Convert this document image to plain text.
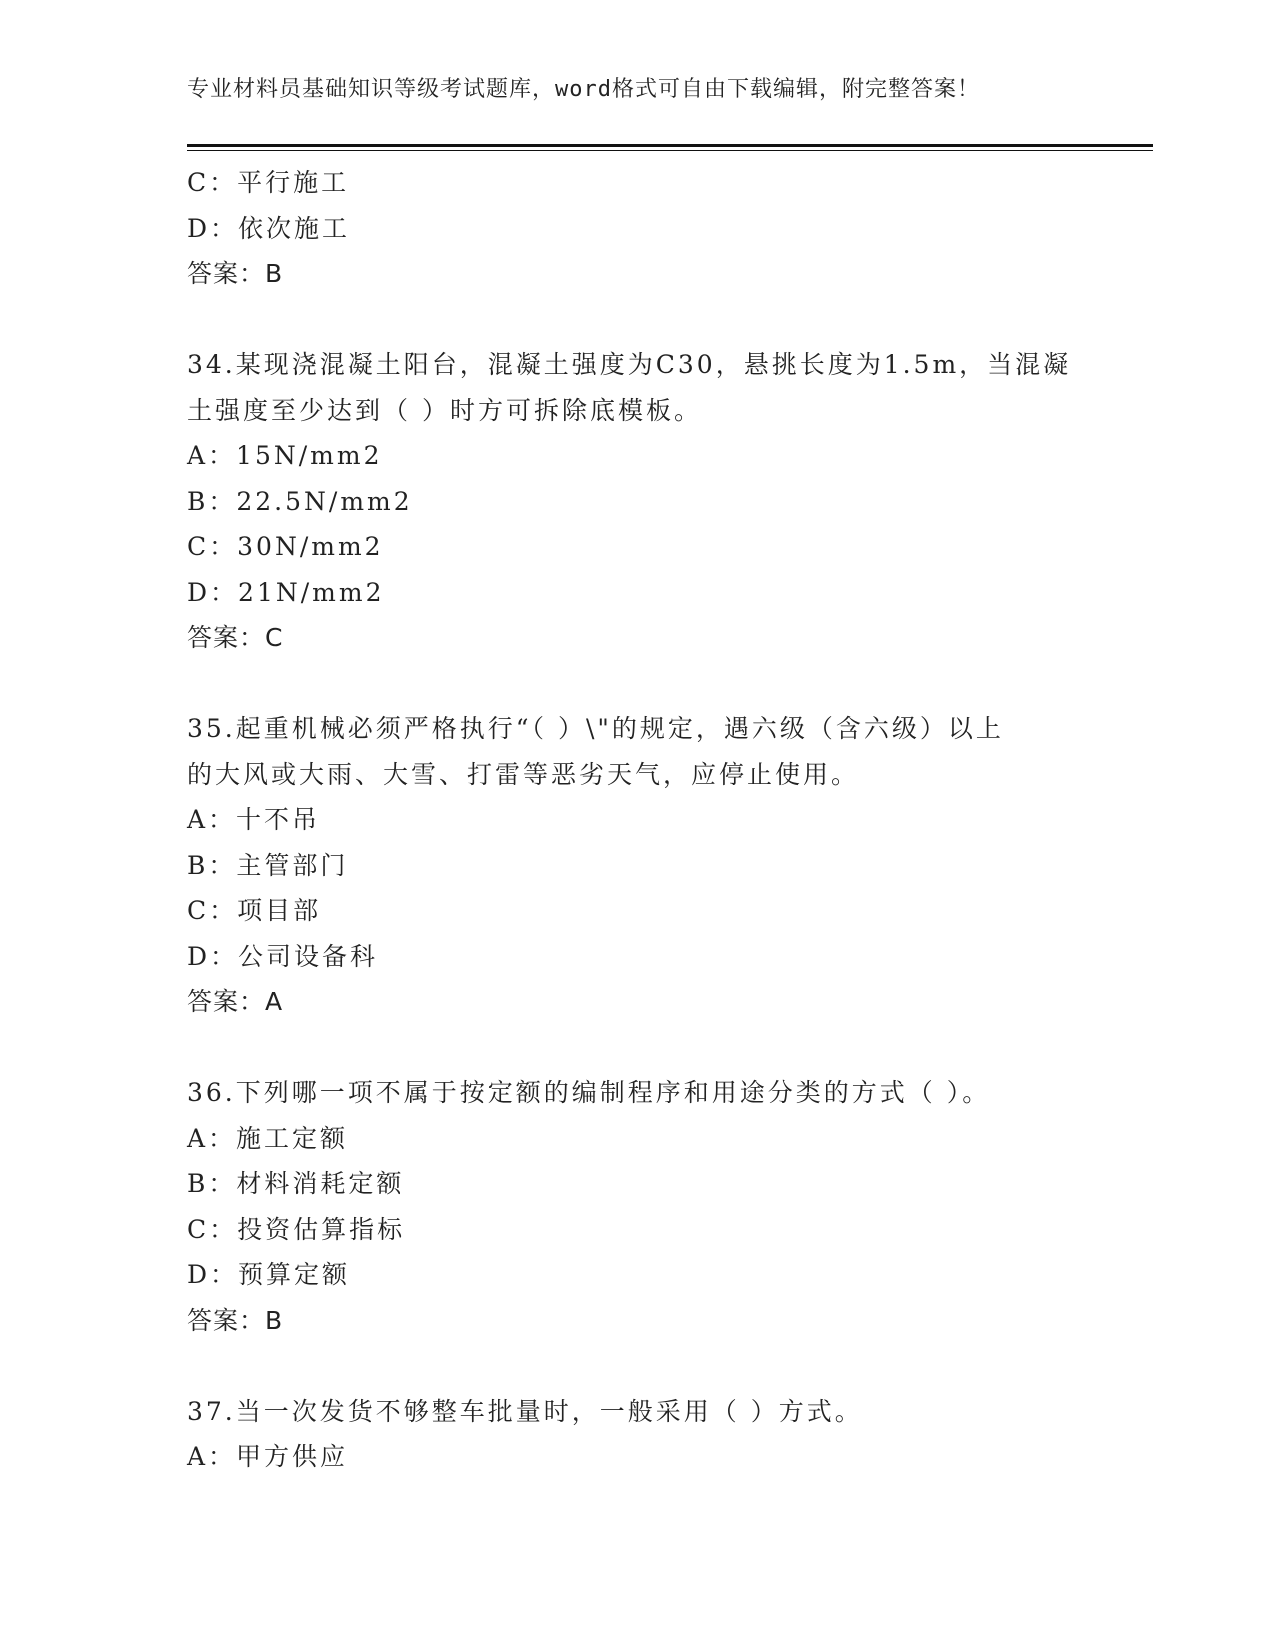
专业材料员基础知识等级考试题库，word格式可自由下载编辑，附完整答案！
C：平行施工
D：依次施工
答案：B
34.某现浇混凝土阳台，混凝土强度为C30，悬挑长度为1.5m，当混凝
土强度至少达到（ ）时方可拆除底模板。
A：15N/mm2
B：22.5N/mm2
C：30N/mm2
D：21N/mm2
答案：C
35.起重机械必须严格执行“（ ）\"的规定，遇六级（含六级）以上
的大风或大雨、大雪、打雷等恶劣天气，应停止使用。
A：十不吊
B：主管部门
C：项目部
D：公司设备科
答案：A
36.下列哪一项不属于按定额的编制程序和用途分类的方式（ ）。
A：施工定额
B：材料消耗定额
C：投资估算指标
D：预算定额
答案：B
37.当一次发货不够整车批量时，一般采用（ ）方式。
A：甲方供应
